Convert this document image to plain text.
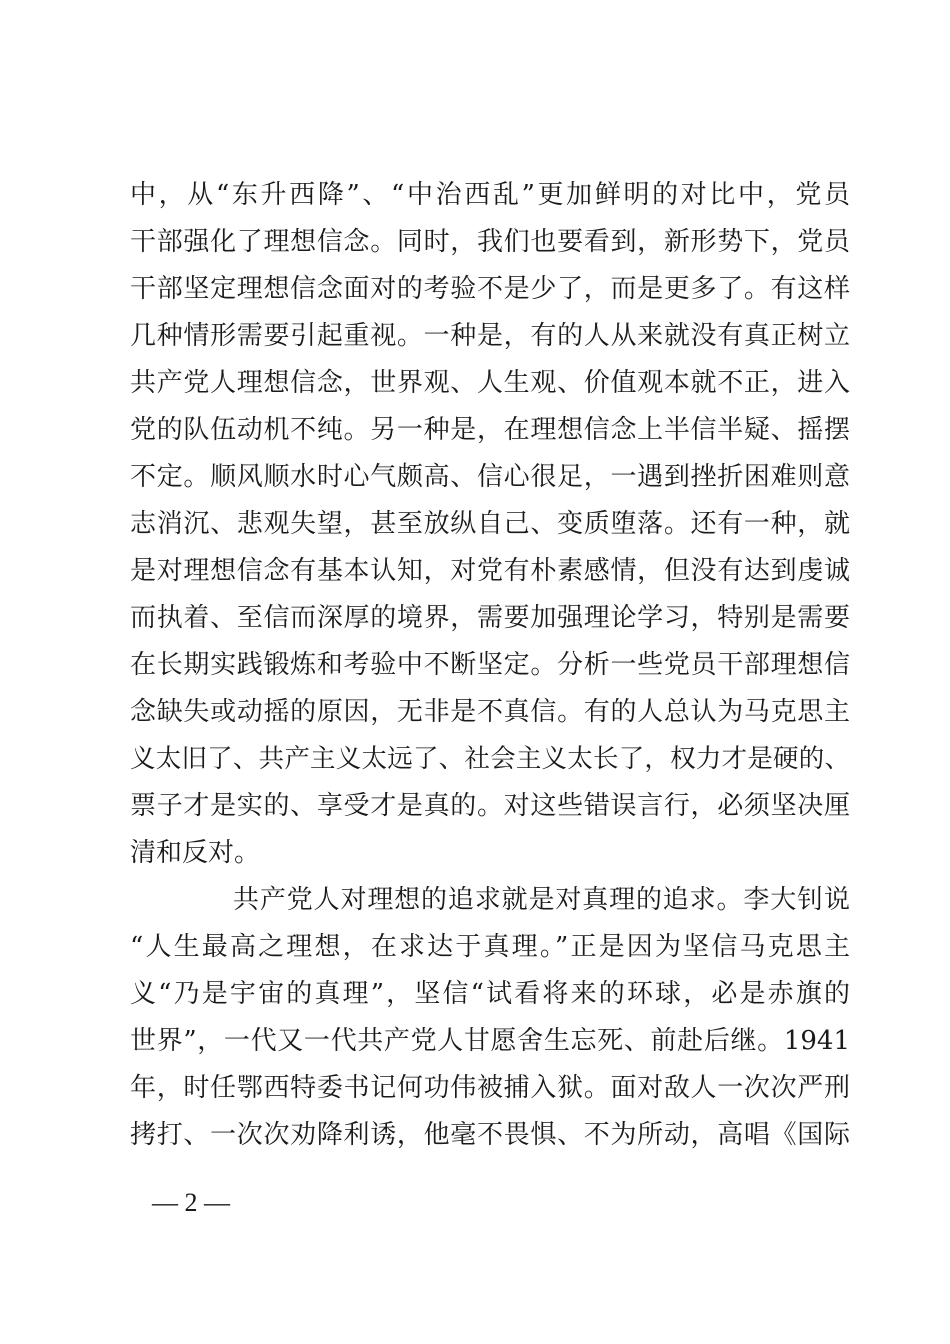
中，从“东升西降”、“中治西乱”更加鲜明的对比中，党员
干部强化了理想信念。同时，我们也要看到，新形势下，党员
干部坚定理想信念面对的考验不是少了，而是更多了。有这样
几种情形需要引起重视。一种是，有的人从来就没有真正树立
共产党人理想信念，世界观、人生观、价值观本就不正，进入
党的队伍动机不纯。另一种是，在理想信念上半信半疑、摇摆
不定。顺风顺水时心气颇高、信心很足，一遇到挫折困难则意
志消沉、悲观失望，甚至放纵自己、变质堕落。还有一种，就
是对理想信念有基本认知，对党有朴素感情，但没有达到虔诚
而执着、至信而深厚的境界，需要加强理论学习，特别是需要
在长期实践锻炼和考验中不断坚定。分析一些党员干部理想信
念缺失或动摇的原因，无非是不真信。有的人总认为马克思主
义太旧了、共产主义太远了、社会主义太长了，权力才是硬的、
票子才是实的、享受才是真的。对这些错误言行，必须坚决厘
清和反对。
共产党人对理想的追求就是对真理的追求。李大钊说
“人生最高之理想，在求达于真理。”正是因为坚信马克思主
义“乃是宇宙的真理”，坚信“试看将来的环球，必是赤旗的
世界”，一代又一代共产党人甘愿舍生忘死、前赴后继。1941
年，时任鄂西特委书记何功伟被捕入狱。面对敌人一次次严刑
拷打、一次次劝降利诱，他毫不畏惧、不为所动，高唱《国际
— 2 —
